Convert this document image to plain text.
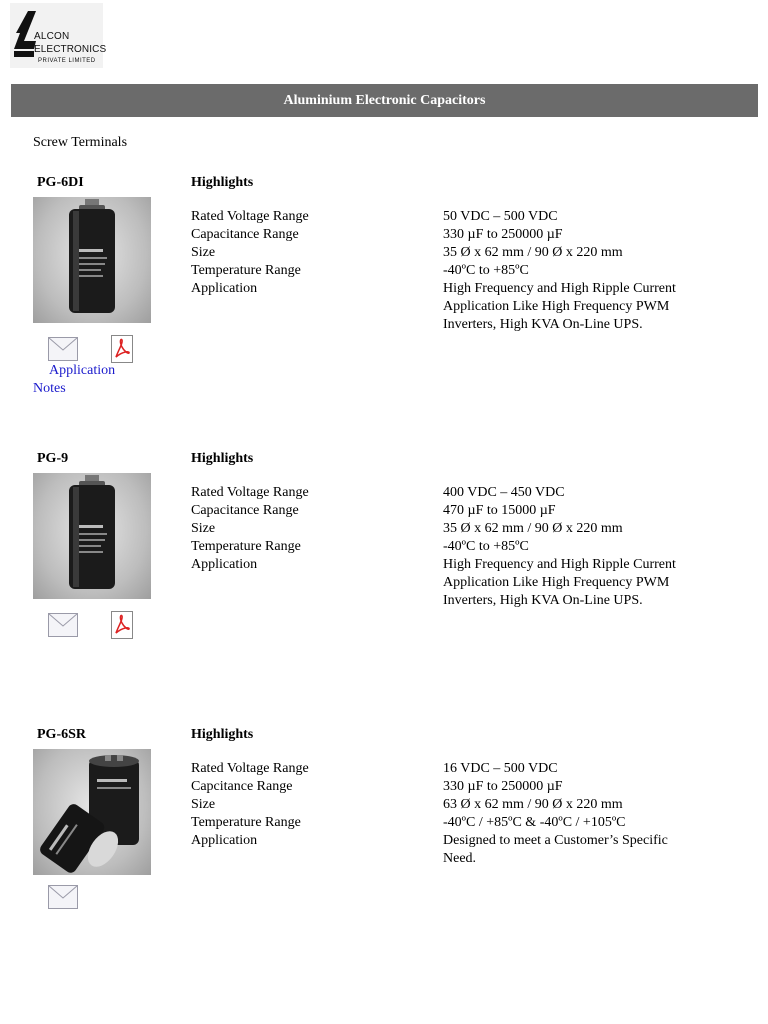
ALCON
ELECTRONICS
PRIVATE LIMITED
Aluminium Electronic Capacitors
Screw Terminals
PG-6DI	Highlights
Rated Voltage Range	50 VDC – 500 VDC
Capacitance Range	330 µF to 250000 µF
Size	35 Ø x 62 mm / 90 Ø x 220 mm
Temperature Range	-40ºC to +85ºC
Application	High Frequency and High Ripple Current Application Like High Frequency PWM Inverters, High KVA On-Line UPS.
Application Notes
PG-9	Highlights
Rated Voltage Range	400 VDC – 450 VDC
Capacitance Range	470 µF to 15000 µF
Size	35 Ø x 62 mm / 90 Ø x 220 mm
Temperature Range	-40ºC to +85ºC
Application	High Frequency and High Ripple Current Application Like High Frequency PWM Inverters, High KVA On-Line UPS.
PG-6SR	Highlights
Rated Voltage Range	16 VDC – 500 VDC
Capcitance Range	330 µF to 250000 µF
Size	63 Ø x 62 mm / 90 Ø x 220 mm
Temperature Range	-40ºC / +85ºC & -40ºC / +105ºC
Application	Designed to meet a Customer’s Specific Need.
